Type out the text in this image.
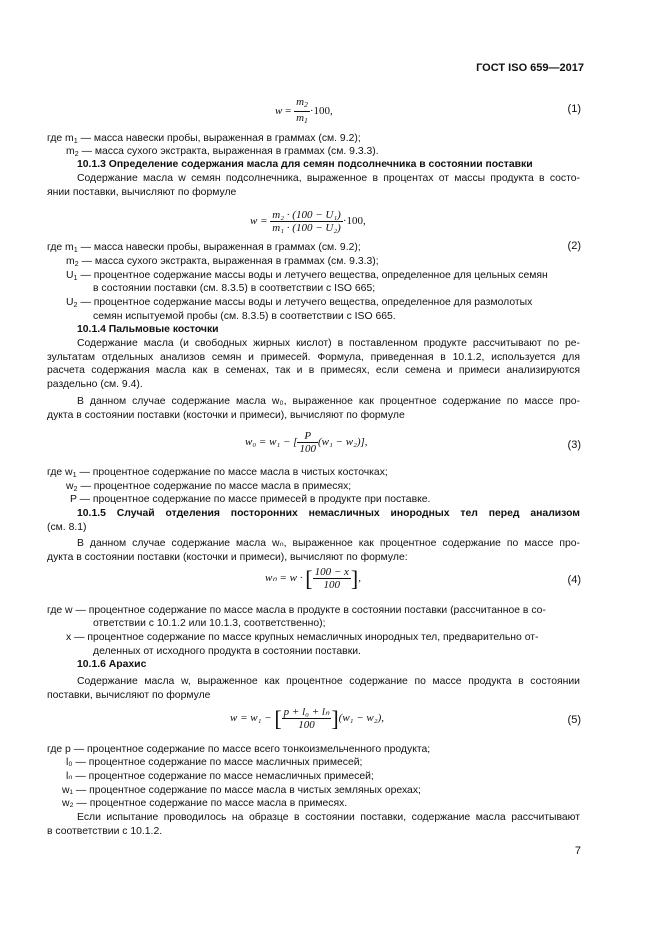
ГОСТ ISO 659—2017
$w = \frac{m_2}{m_1} \cdot 100$,	(1)
где $m_1$ — масса навески пробы, выраженная в граммах (см. 9.2);
$m_2$ — масса сухого экстракта, выраженная в граммах (см. 9.3.3).
10.1.3 Определение содержания масла для семян подсолнечника в состоянии поставки
Содержание масла w семян подсолнечника, выраженное в процентах от массы продукта в состо-
янии поставки, вычисляют по формуле
$w = \frac{\text{m₂ · (100 − U₁)}}{\text{m₁ · (100 − U₂)}} \cdot 100$,
(2)
где $m_1$ — масса навески пробы, выраженная в граммах (см. 9.2);
$m_2$ — масса сухого экстракта, выраженная в граммах (см. 9.3.3);
$U_1$ — процентное содержание массы воды и летучего вещества, определенное для цельных семян
в состоянии поставки (см. 8.3.5) в соответствии с ISO 665;
$U_2$ — процентное содержание массы воды и летучего вещества, определенное для размолотых
семян испытуемой пробы (см. 8.3.5) в соответствии с ISO 665.
10.1.4 Пальмовые косточки
Содержание масла (и свободных жирных кислот) в поставленном продукте рассчитывают по ре-
зультатам отдельных анализов семян и примесей. Формула, приведенная в 10.1.2, используется для
расчета содержания масла как в семенах, так и в примесях, если семена и примеси анализируются
раздельно (см. 9.4).
В данном случае содержание масла w₀, выраженное как процентное содержание по массе про-
дукта в состоянии поставки (косточки и примеси), вычисляют по формуле
w₀ = w₁ − [ $\frac{P}{100} (w_1 - w_2)$],	(3)
где $w_1$ — процентное содержание по массе масла в чистых косточках;
$w_2$ — процентное содержание по массе масла в примесях;
P — процентное содержание по массе примесей в продукте при поставке.
10.1.5 Случай отделения посторонних немасличных инородных тел перед анализом
(см. 8.1)
В данном случае содержание масла wₙ, выраженное как процентное содержание по массе про-
дукта в состоянии поставки (косточки и примеси), вычисляют по формуле:
wₙ = w · [ $\frac{100 - x}{100}$ ],	(4)
где w — процентное содержание по массе масла в продукте в состоянии поставки (рассчитанное в со-
ответствии с 10.1.2 или 10.1.3, соответственно);
x — процентное содержание по массе крупных немасличных инородных тел, предварительно от-
деленных от исходного продукта в состоянии поставки.
10.1.6 Арахис
Содержание масла w, выраженное как процентное содержание по массе продукта в состоянии
поставки, вычисляют по формуле
w = w₁ − [ $\frac{\text{p + l₀ + lₙ}}{100} ](w_1 - w_2)$,	(5)
где p — процентное содержание по массе всего тонкоизмельченного продукта;
l₀ — процентное содержание по массе масличных примесей;
lₙ — процентное содержание по массе немасличных примесей;
w₁ — процентное содержание по массе масла в чистых земляных орехах;
w₂ — процентное содержание по массе масла в примесях.
Если испытание проводилось на образце в состоянии поставки, содержание масла рассчитывают
в соответствии с 10.1.2.
7
